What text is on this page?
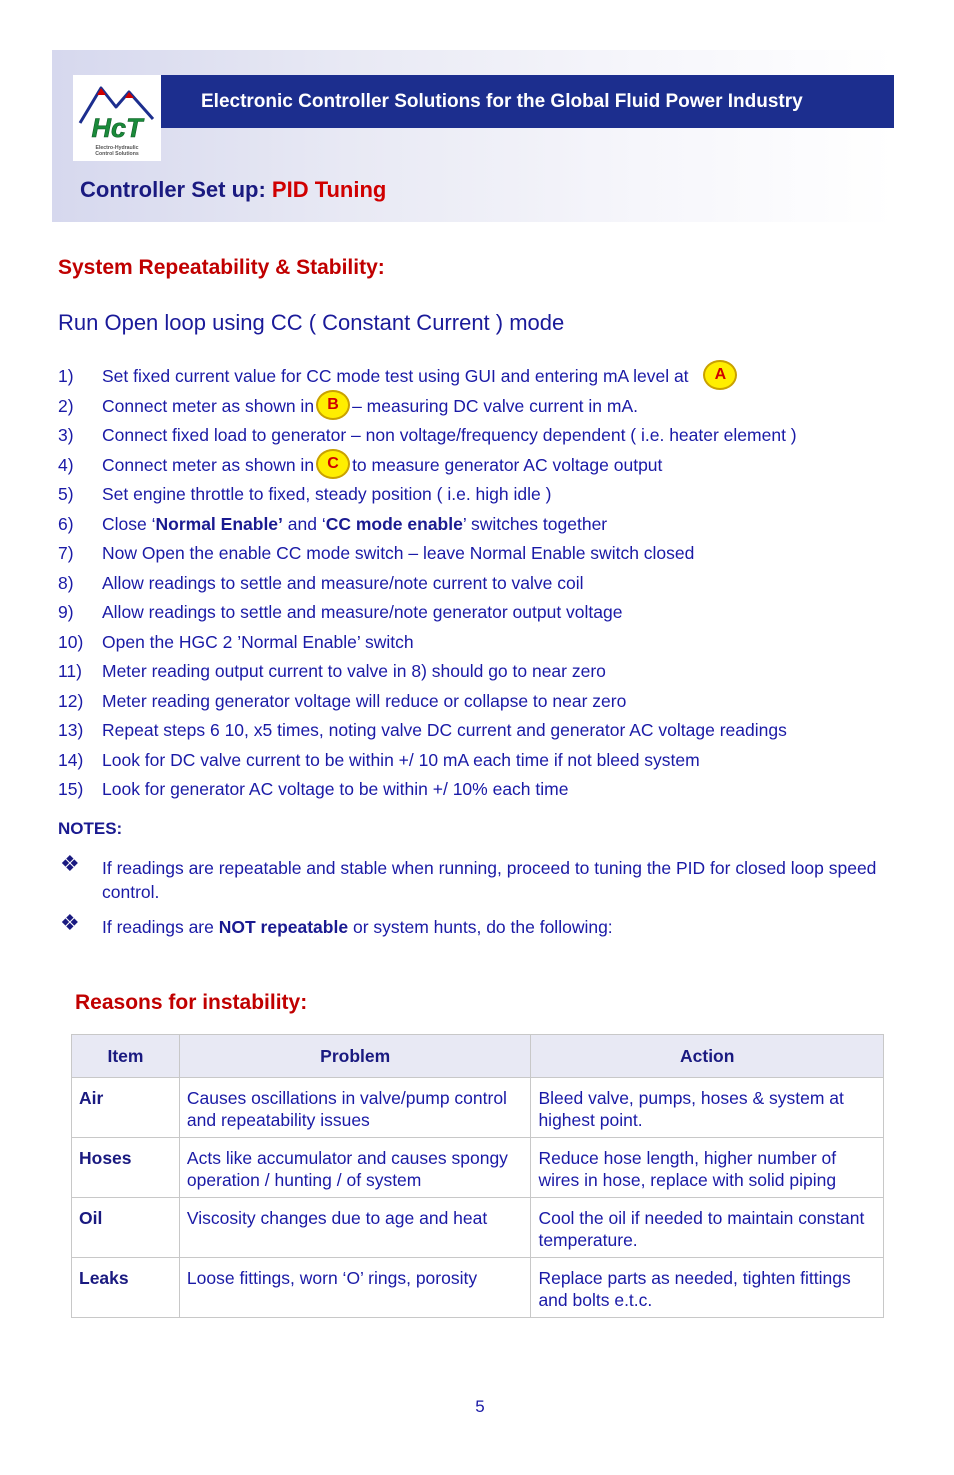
HcT
Electro-Hydraulic
Control Solutions
Electronic Controller Solutions for the Global Fluid Power Industry
Controller Set up: PID Tuning
System Repeatability & Stability:
Run Open loop using CC ( Constant Current ) mode
1) Set fixed current value for CC mode test using GUI and entering mA level at A
2) Connect meter as shown in B – measuring DC valve current in mA.
3) Connect fixed load to generator – non voltage/frequency dependent ( i.e. heater element )
4) Connect meter as shown in C to measure generator AC voltage output
5) Set engine throttle to fixed, steady position ( i.e. high idle )
6) Close ‘Normal Enable’ and ‘CC mode enable’ switches together
7) Now Open the enable CC mode switch – leave Normal Enable switch closed
8) Allow readings to settle and measure/note current to valve coil
9) Allow readings to settle and measure/note generator output voltage
10) Open the HGC 2 ’Normal Enable’ switch
11) Meter reading output current to valve in 8) should go to near zero
12) Meter reading generator voltage will reduce or collapse to near zero
13) Repeat steps 6 10, x5 times, noting valve DC current and generator AC voltage readings
14) Look for DC valve current to be within +/ 10 mA each time if not bleed system
15) Look for generator AC voltage to be within +/ 10% each time
NOTES:
❖ If readings are repeatable and stable when running, proceed to tuning the PID for closed loop speed control.
❖ If readings are NOT repeatable or system hunts, do the following:
Reasons for instability:
Item	Problem	Action
Air	Causes oscillations in valve/pump control and repeatability issues	Bleed valve, pumps, hoses & system at highest point.
Hoses	Acts like accumulator and causes spongy operation / hunting / of system	Reduce hose length, higher number of wires in hose, replace with solid piping
Oil	Viscosity changes due to age and heat	Cool the oil if needed to maintain constant temperature.
Leaks	Loose fittings, worn ‘O’ rings, porosity	Replace parts as needed, tighten fittings and bolts e.t.c.
5
